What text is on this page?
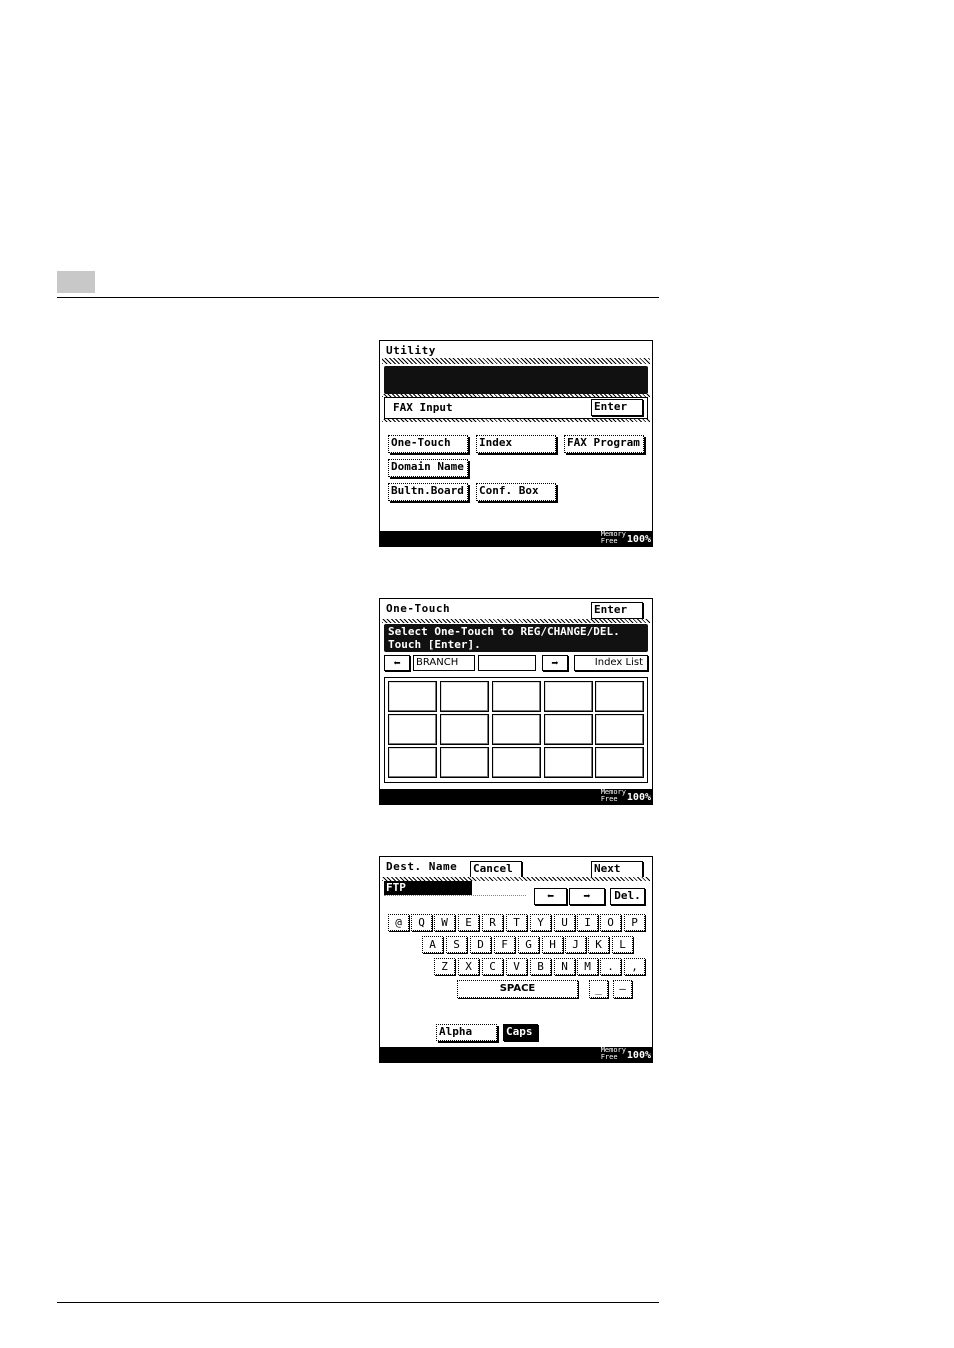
Utility
FAX Input	Enter
One-Touch	Index	FAX Program
Domain Name
Bultn.Board	Conf. Box
Memory
Free 100%
One-Touch	Enter
Select One-Touch to REG/CHANGE/DEL.
Touch [Enter].
⬅	BRANCH	➡	Index List
Memory
Free 100%
Dest. Name Cancel	Next
FTP
⬅	➡	Del.
@	Q	W	E	R	T	Y	U	I	O	P
A	S	D	F	G	H	J	K	L
Z	X	C	V	B	N	M	.	,
SPACE	_	—
Alpha	Caps
Memory
Free 100%
